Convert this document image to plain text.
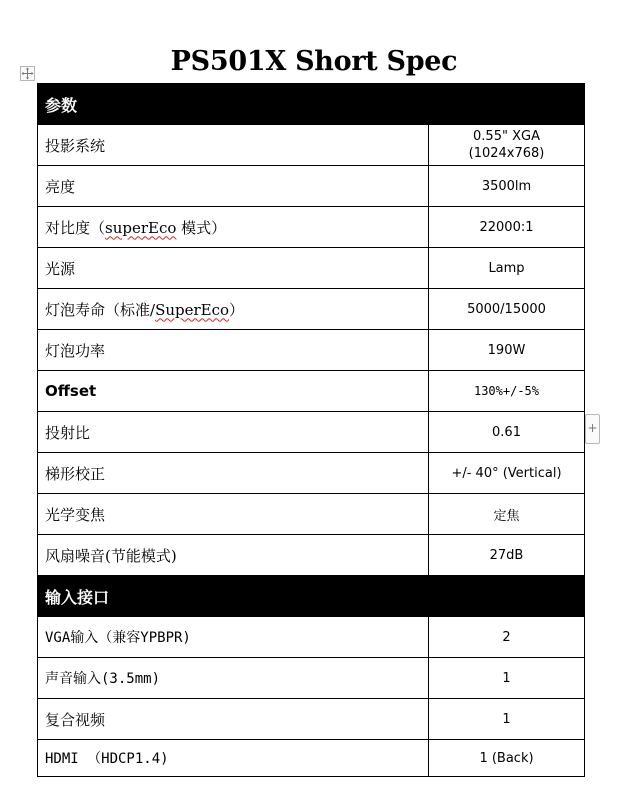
PS501X Short Spec
+
参数	
投影系统	0.55" XGA
(1024x768)
亮度	3500lm
对比度（superEco 模式）	22000:1
光源	Lamp
灯泡寿命（标准/SuperEco）	5000/15000
灯泡功率	190W
Offset	130%+/-5%
投射比	0.61
梯形校正	+/- 40° (Vertical)
光学变焦	定焦
风扇噪音(节能模式)	27dB
输入接口	
VGA输入（兼容YPBPR)	2
声音输入(3.5mm)	1
复合视频	1
HDMI （HDCP1.4)	1 (Back)
